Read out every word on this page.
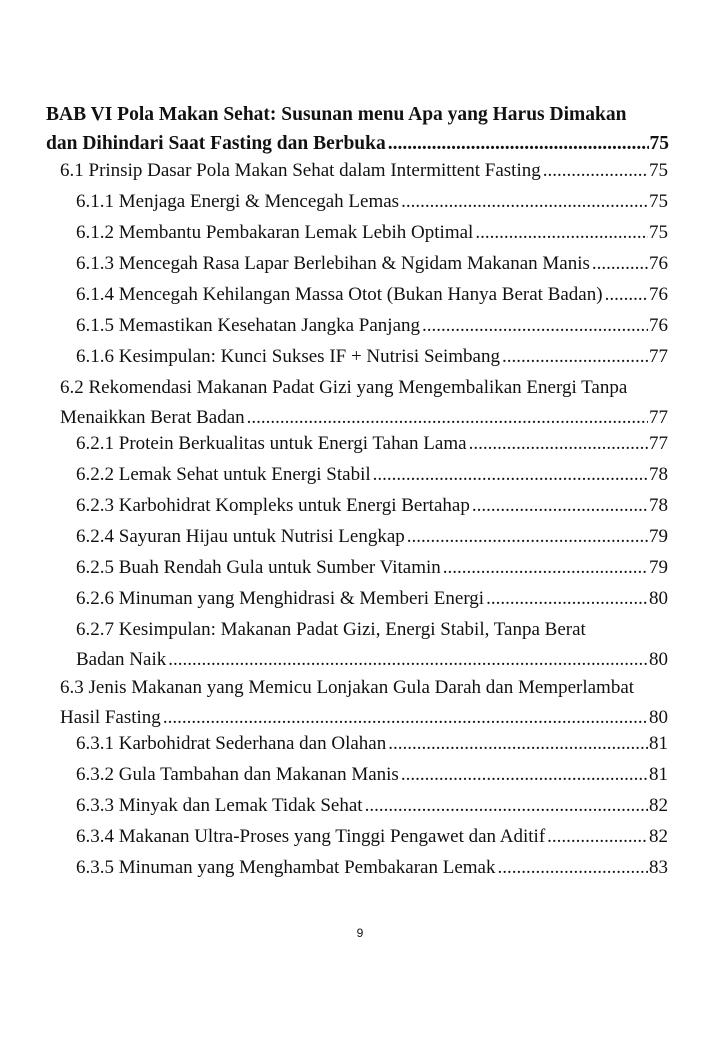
BAB VI Pola Makan Sehat: Susunan menu Apa yang Harus Dimakan
dan Dihindari Saat Fasting dan Berbuka .....	75
6.1 Prinsip Dasar Pola Makan Sehat dalam Intermittent Fasting .....	75
6.1.1 Menjaga Energi & Mencegah Lemas .....	75
6.1.2 Membantu Pembakaran Lemak Lebih Optimal .....	75
6.1.3 Mencegah Rasa Lapar Berlebihan & Ngidam Makanan Manis .....	76
6.1.4 Mencegah Kehilangan Massa Otot (Bukan Hanya Berat Badan) ..... 76
6.1.5 Memastikan Kesehatan Jangka Panjang .....	76
6.1.6 Kesimpulan: Kunci Sukses IF + Nutrisi Seimbang .....	77
6.2 Rekomendasi Makanan Padat Gizi yang Mengembalikan Energi Tanpa
Menaikkan Berat Badan .....	77
6.2.1 Protein Berkualitas untuk Energi Tahan Lama .....	77
6.2.2 Lemak Sehat untuk Energi Stabil .....	78
6.2.3 Karbohidrat Kompleks untuk Energi Bertahap .....	78
6.2.4 Sayuran Hijau untuk Nutrisi Lengkap .....	79
6.2.5 Buah Rendah Gula untuk Sumber Vitamin .....	79
6.2.6 Minuman yang Menghidrasi & Memberi Energi .....	80
6.2.7 Kesimpulan: Makanan Padat Gizi, Energi Stabil, Tanpa Berat
Badan Naik .....	80
6.3 Jenis Makanan yang Memicu Lonjakan Gula Darah dan Memperlambat
Hasil Fasting .....	80
6.3.1 Karbohidrat Sederhana dan Olahan .....	81
6.3.2 Gula Tambahan dan Makanan Manis .....	81
6.3.3 Minyak dan Lemak Tidak Sehat .....	82
6.3.4 Makanan Ultra-Proses yang Tinggi Pengawet dan Aditif .....	82
6.3.5 Minuman yang Menghambat Pembakaran Lemak .....	83
9
